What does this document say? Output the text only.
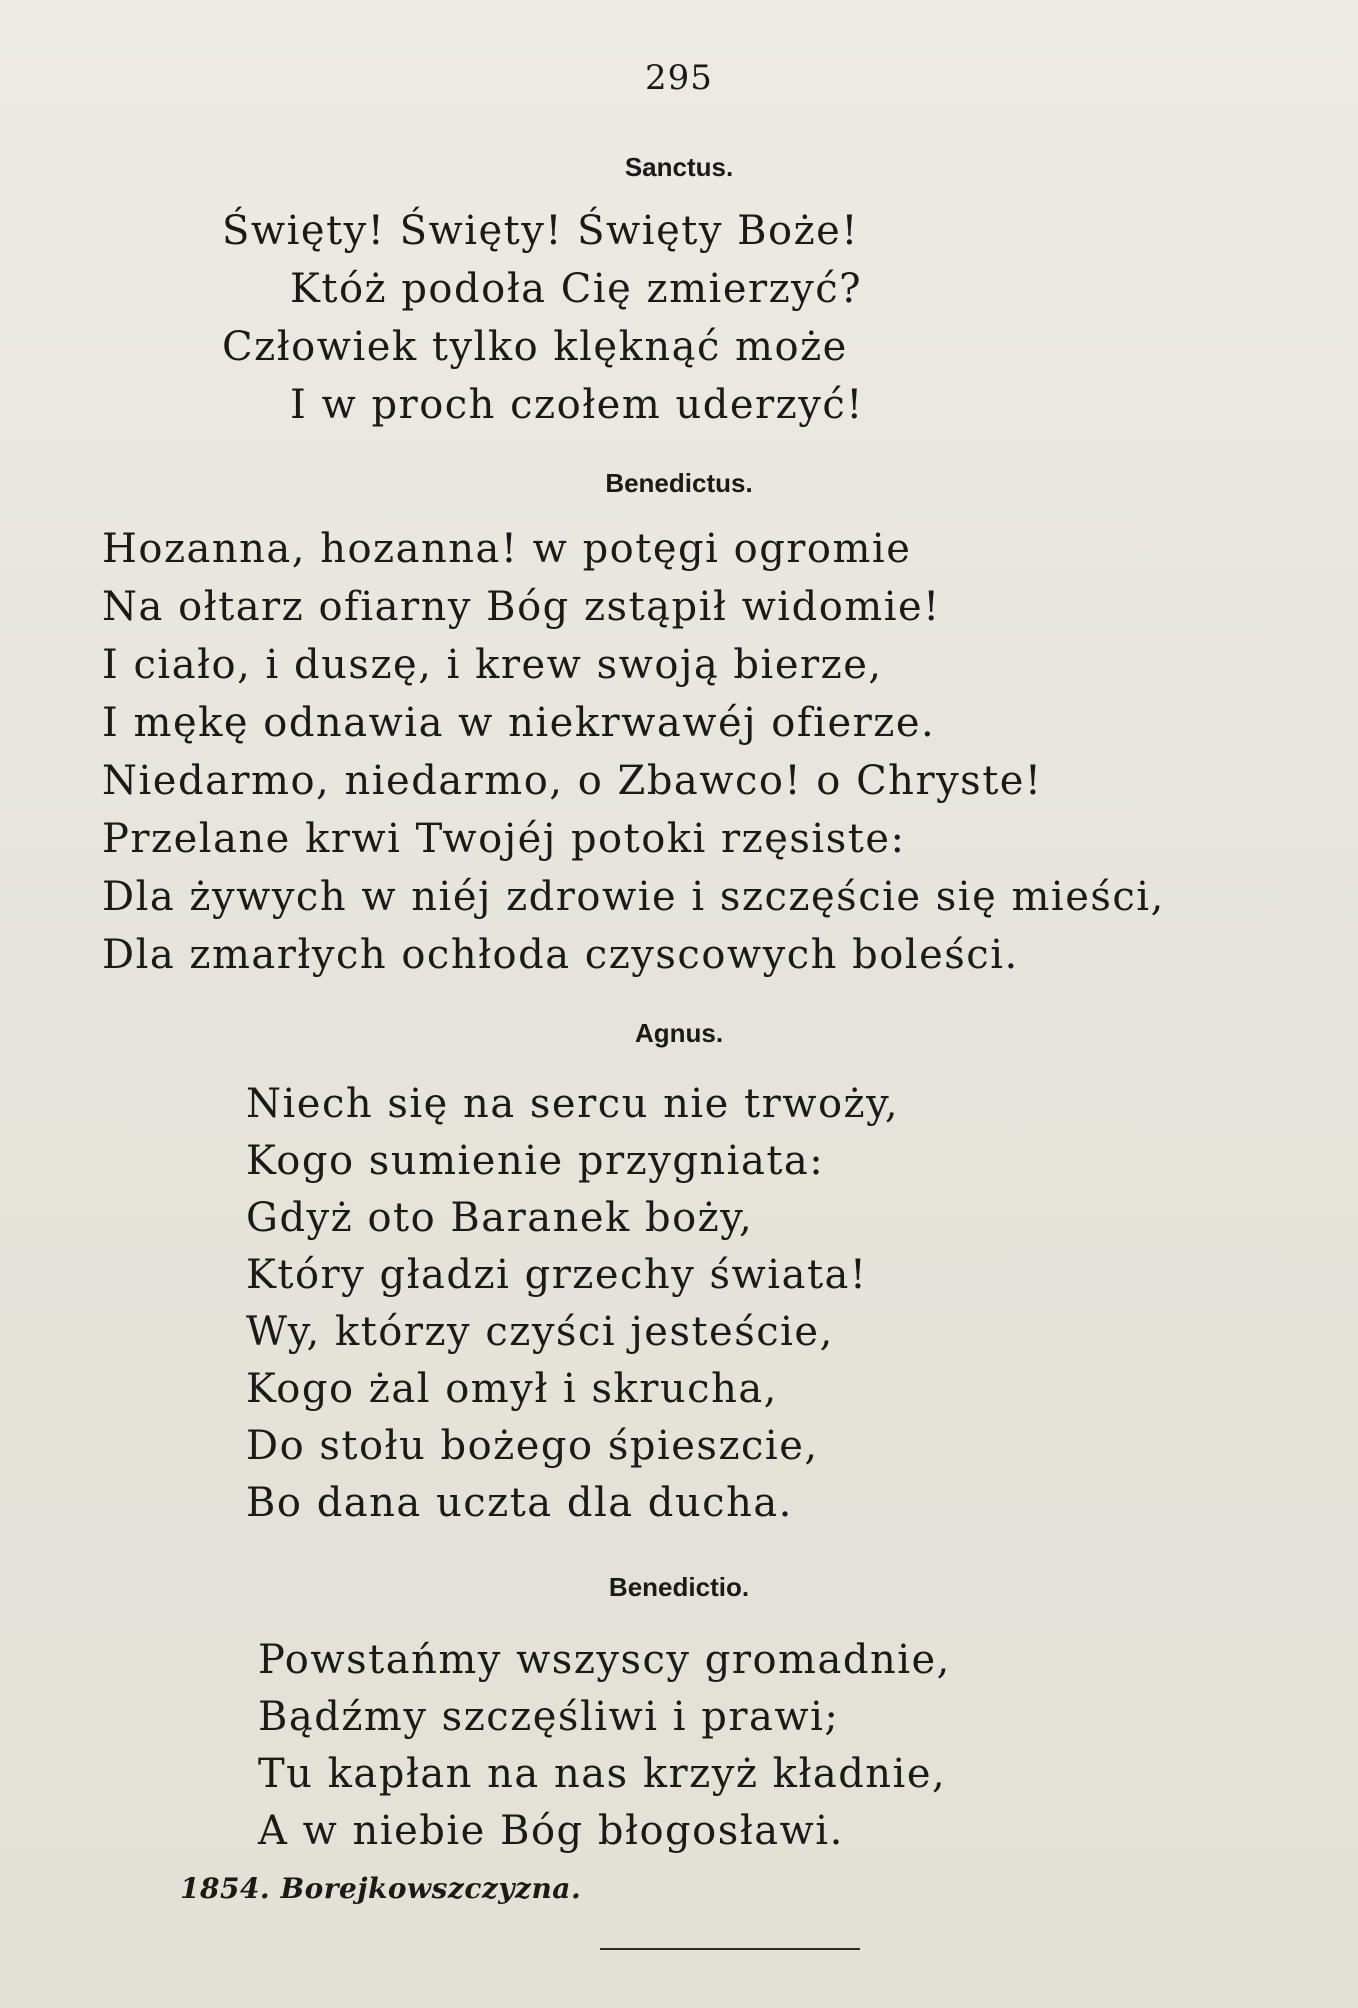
295
Sanctus.
Święty! Święty! Święty Boże!
Któż podoła Cię zmierzyć?
Człowiek tylko klęknąć może
I w proch czołem uderzyć!
Benedictus.
Hozanna, hozanna! w potęgi ogromie
Na ołtarz ofiarny Bóg zstąpił widomie!
I ciało, i duszę, i krew swoją bierze,
I mękę odnawia w niekrwawéj ofierze.
Niedarmo, niedarmo, o Zbawco! o Chryste!
Przelane krwi Twojéj potoki rzęsiste:
Dla żywych w niéj zdrowie i szczęście się mieści,
Dla zmarłych ochłoda czyscowych boleści.
Agnus.
Niech się na sercu nie trwoży,
Kogo sumienie przygniata:
Gdyż oto Baranek boży,
Który gładzi grzechy świata!
Wy, którzy czyści jesteście,
Kogo żal omył i skrucha,
Do stołu bożego śpieszcie,
Bo dana uczta dla ducha.
Benedictio.
Powstańmy wszyscy gromadnie,
Bądźmy szczęśliwi i prawi;
Tu kapłan na nas krzyż kładnie,
A w niebie Bóg błogosławi.
1854. Borejkowszczyzna.
